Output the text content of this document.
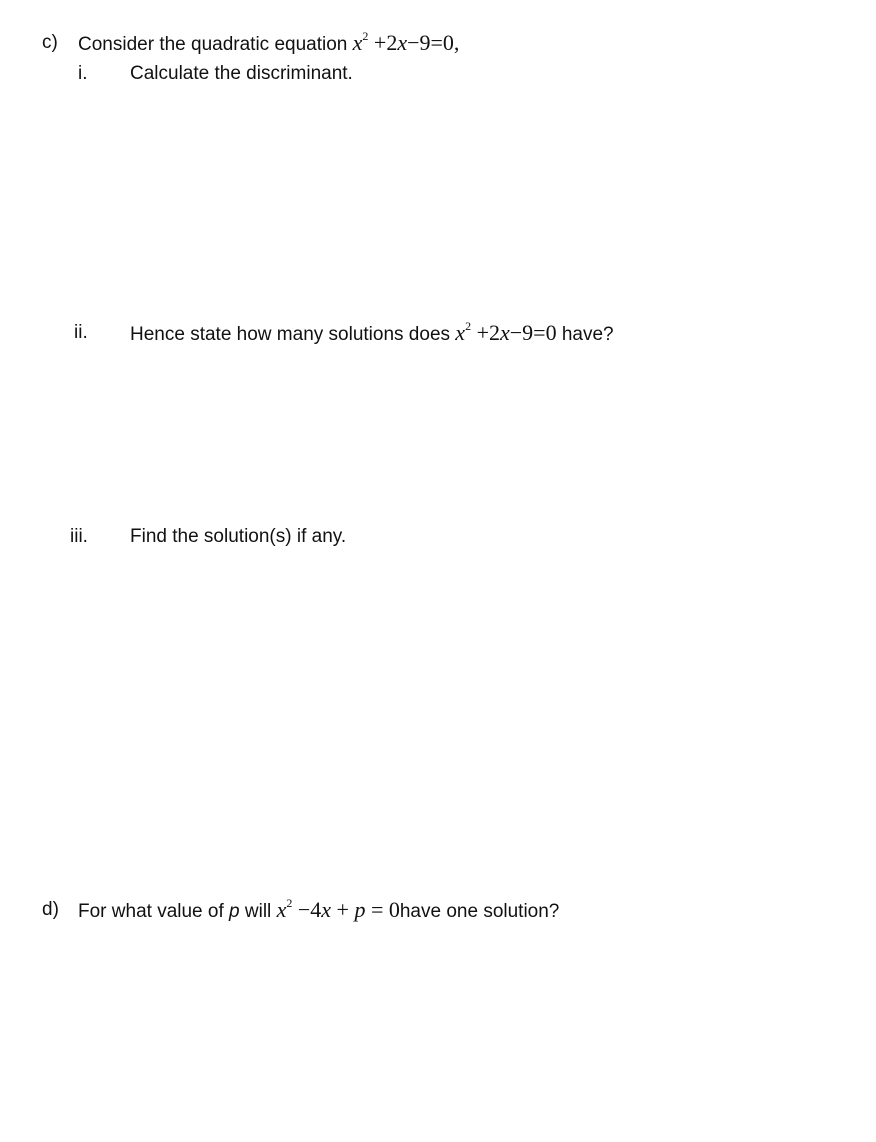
c) Consider the quadratic equation $x^2 +2x-9=0$,
i. Calculate the discriminant.
ii. Hence state how many solutions does $x^2 +2x-9=0$ have?
iii. Find the solution(s) if any.
d) For what value of p will $x^2 -4x + p$ = 0have one solution?
